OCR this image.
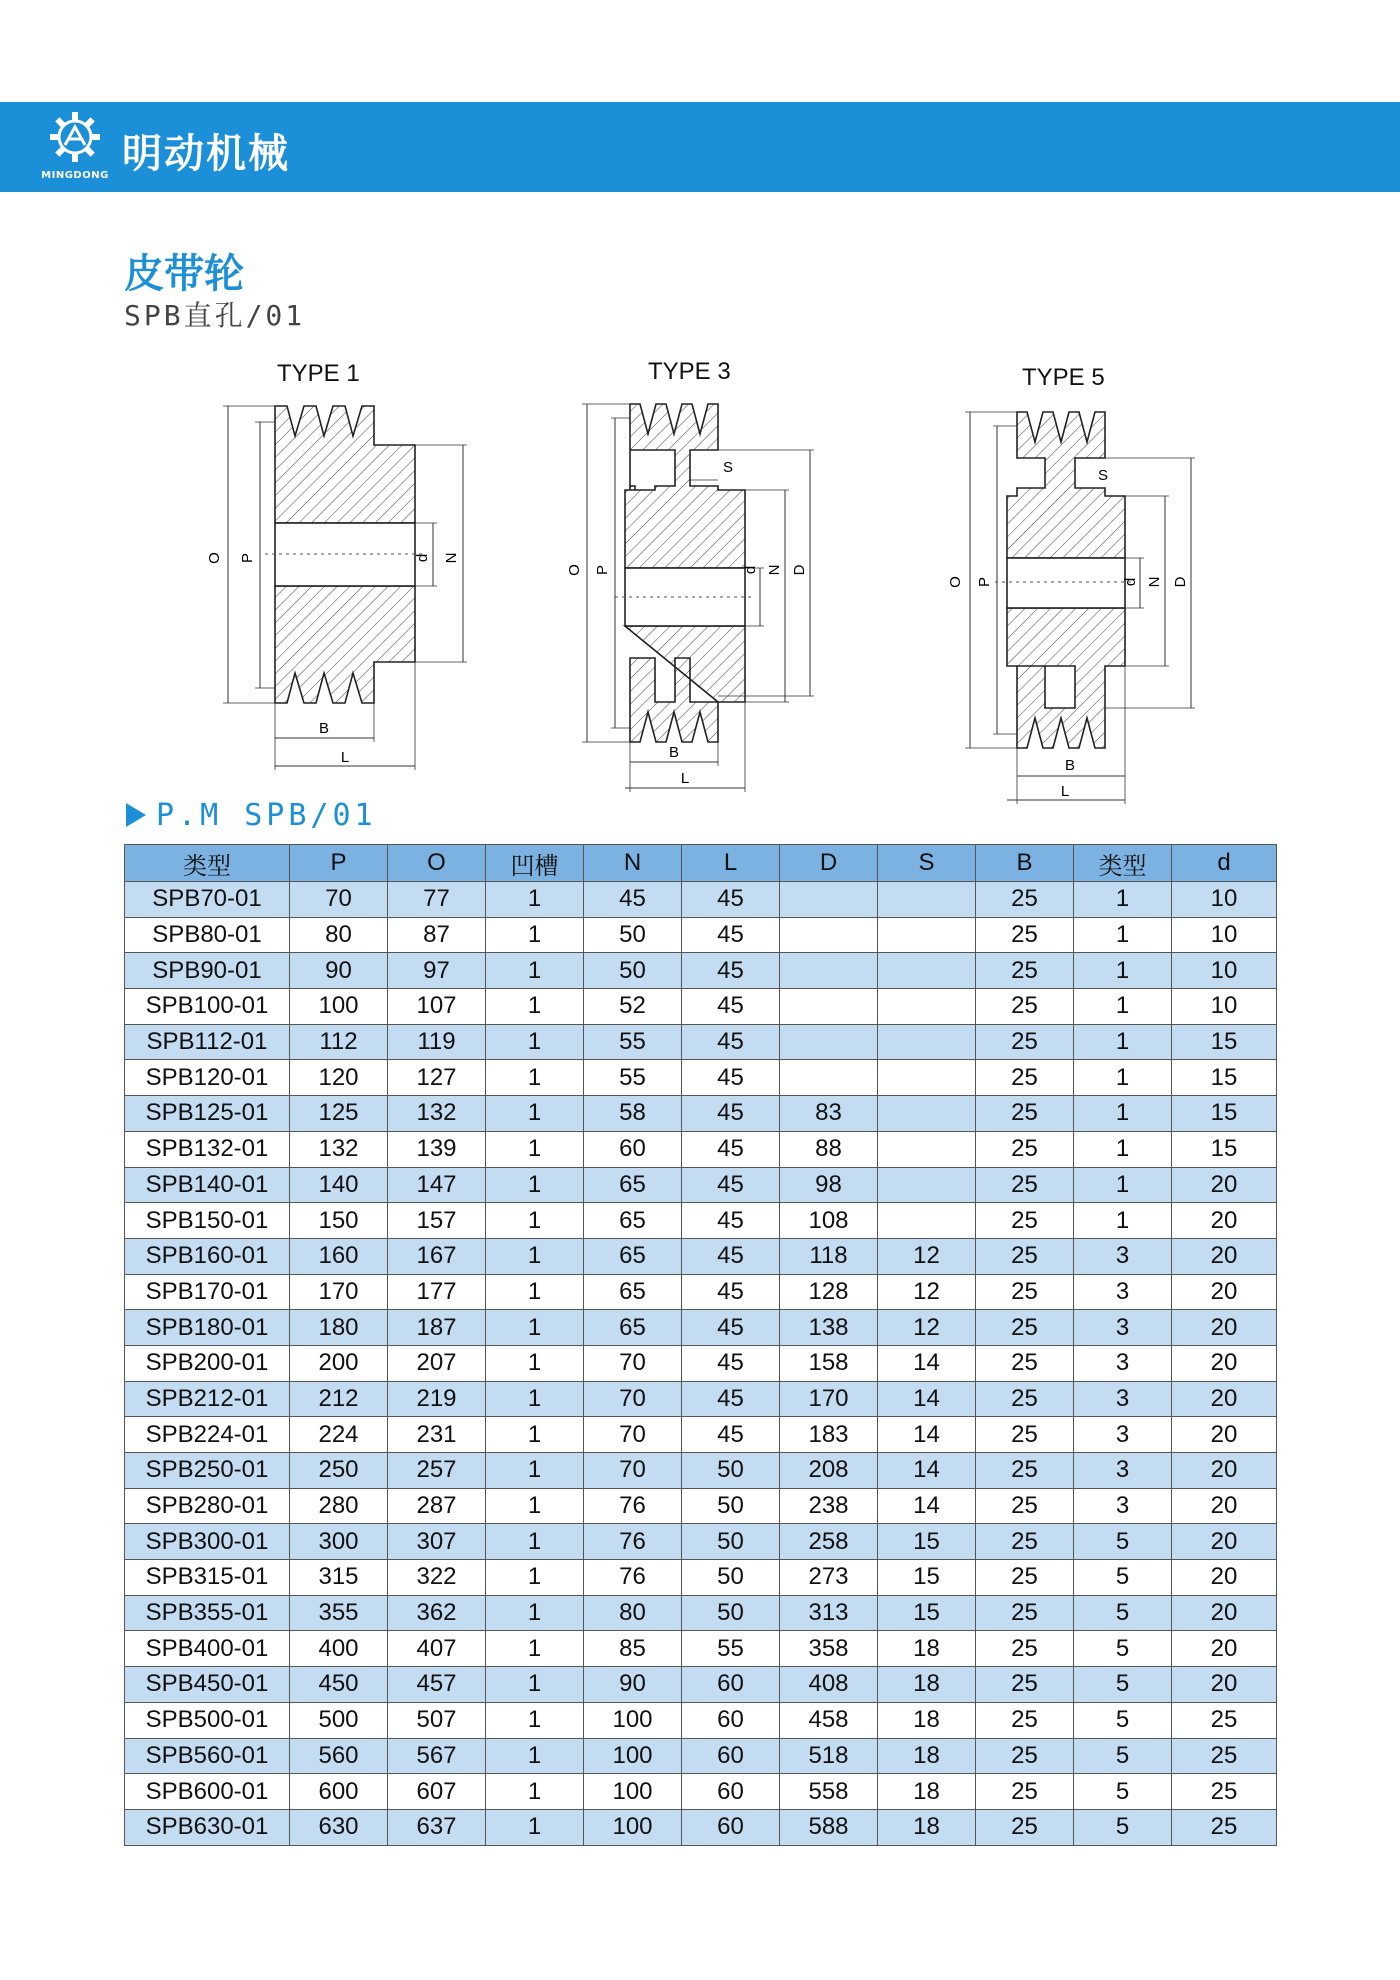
MINGDONG 明动机械
皮带轮
SPB直孔/01
TYPE 1
O P	d N
B
L
TYPE 3
O P	d N D
S
B
L
TYPE 5
O P	d N D
S
B
L
P.M SPB/01
类型	P	O	凹槽	N	L	D	S	B	类型	d
SPB70-01	70	77	1	45	45			25	1	10
SPB80-01	80	87	1	50	45			25	1	10
SPB90-01	90	97	1	50	45			25	1	10
SPB100-01	100	107	1	52	45			25	1	10
SPB112-01	112	119	1	55	45			25	1	15
SPB120-01	120	127	1	55	45			25	1	15
SPB125-01	125	132	1	58	45	83		25	1	15
SPB132-01	132	139	1	60	45	88		25	1	15
SPB140-01	140	147	1	65	45	98		25	1	20
SPB150-01	150	157	1	65	45	108		25	1	20
SPB160-01	160	167	1	65	45	118	12	25	3	20
SPB170-01	170	177	1	65	45	128	12	25	3	20
SPB180-01	180	187	1	65	45	138	12	25	3	20
SPB200-01	200	207	1	70	45	158	14	25	3	20
SPB212-01	212	219	1	70	45	170	14	25	3	20
SPB224-01	224	231	1	70	45	183	14	25	3	20
SPB250-01	250	257	1	70	50	208	14	25	3	20
SPB280-01	280	287	1	76	50	238	14	25	3	20
SPB300-01	300	307	1	76	50	258	15	25	5	20
SPB315-01	315	322	1	76	50	273	15	25	5	20
SPB355-01	355	362	1	80	50	313	15	25	5	20
SPB400-01	400	407	1	85	55	358	18	25	5	20
SPB450-01	450	457	1	90	60	408	18	25	5	20
SPB500-01	500	507	1	100	60	458	18	25	5	25
SPB560-01	560	567	1	100	60	518	18	25	5	25
SPB600-01	600	607	1	100	60	558	18	25	5	25
SPB630-01	630	637	1	100	60	588	18	25	5	25
